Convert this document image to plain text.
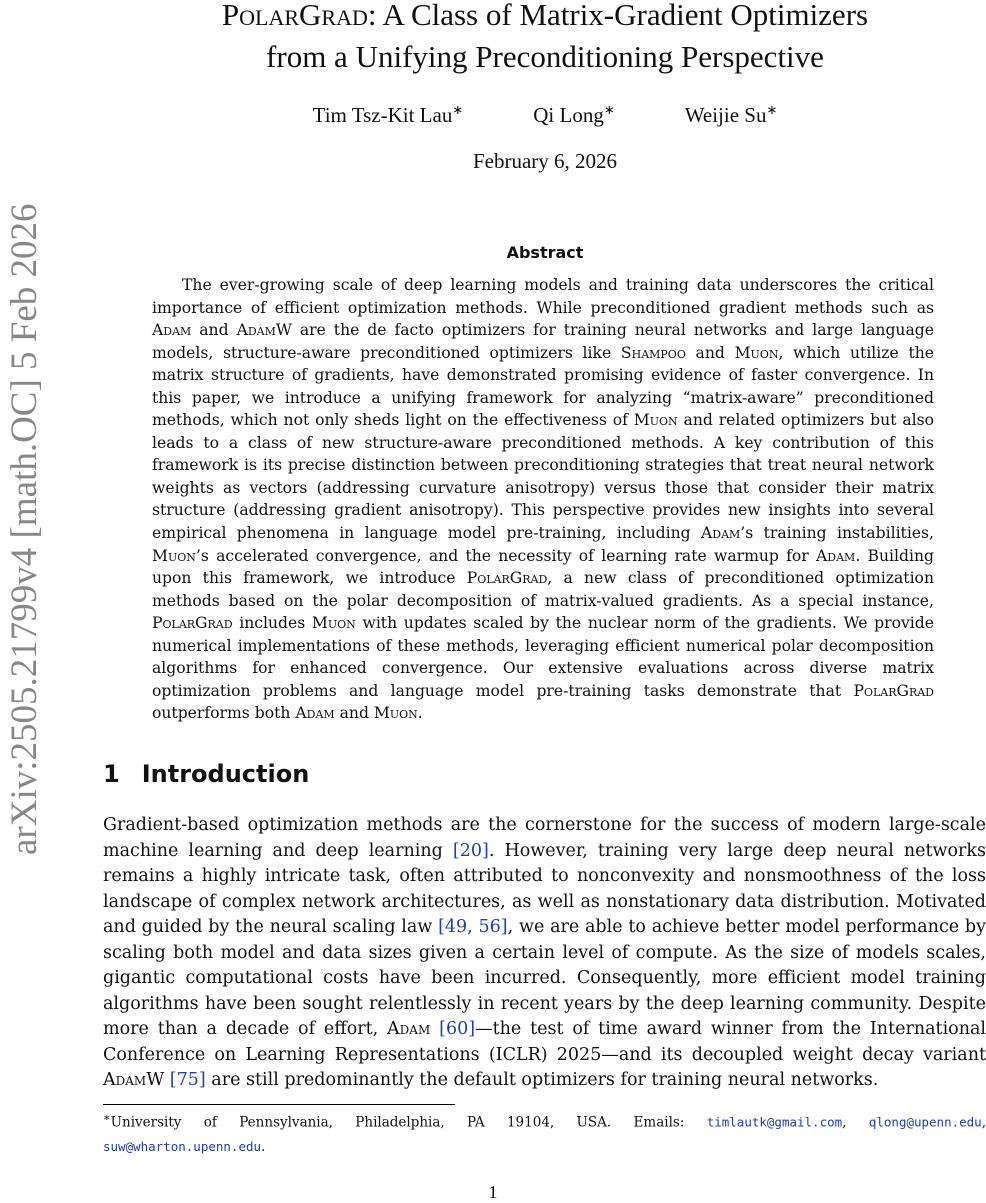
arXiv:2505.21799v4 [math.OC] 5 Feb 2026
PolarGrad: A Class of Matrix-Gradient Optimizers
from a Unifying Preconditioning Perspective
Tim Tsz-Kit Lau∗	Qi Long∗	Weijie Su∗
February 6, 2026
Abstract

The ever-growing scale of deep learning models and training data underscores the critical importance of efficient optimization methods. While preconditioned gradient methods such as Adam and AdamW are the de facto optimizers for training neural networks and large language models, structure-aware preconditioned optimizers like Shampoo and Muon, which utilize the matrix structure of gradients, have demonstrated promising evidence of faster convergence. In this paper, we introduce a unifying framework for analyzing “matrix-aware” preconditioned methods, which not only sheds light on the effectiveness of Muon and related optimizers but also leads to a class of new structure-aware preconditioned methods. A key contribution of this framework is its precise distinction between preconditioning strategies that treat neural network weights as vectors (addressing curvature anisotropy) versus those that consider their matrix structure (addressing gradient anisotropy). This perspective provides new insights into several empirical phenomena in language model pre-training, including Adam’s training instabilities, Muon’s accelerated convergence, and the necessity of learning rate warmup for Adam. Building upon this framework, we introduce PolarGrad, a new class of preconditioned optimization methods based on the polar decomposition of matrix-valued gradients. As a special instance, PolarGrad includes Muon with updates scaled by the nuclear norm of the gradients. We provide numerical implementations of these methods, leveraging efficient numerical polar decomposition algorithms for enhanced convergence. Our extensive evaluations across diverse matrix optimization problems and language model pre-training tasks demonstrate that PolarGrad outperforms both Adam and Muon.

1 Introduction

Gradient-based optimization methods are the cornerstone for the success of modern large-scale machine learning and deep learning [20]. However, training very large deep neural networks remains a highly intricate task, often attributed to nonconvexity and nonsmoothness of the loss landscape of complex network architectures, as well as nonstationary data distribution. Motivated and guided by the neural scaling law [49, 56], we are able to achieve better model performance by scaling both model and data sizes given a certain level of compute. As the size of models scales, gigantic computational costs have been incurred. Consequently, more efficient model training algorithms have been sought relentlessly in recent years by the deep learning community. Despite more than a decade of effort, Adam [60]—the test of time award winner from the International Conference on Learning Representations (ICLR) 2025—and its decoupled weight decay variant AdamW [75] are still predominantly the default optimizers for training neural networks.

∗University of Pennsylvania, Philadelphia, PA 19104, USA. Emails: timlautk@gmail.com, qlong@upenn.edu, suw@wharton.upenn.edu.
1
